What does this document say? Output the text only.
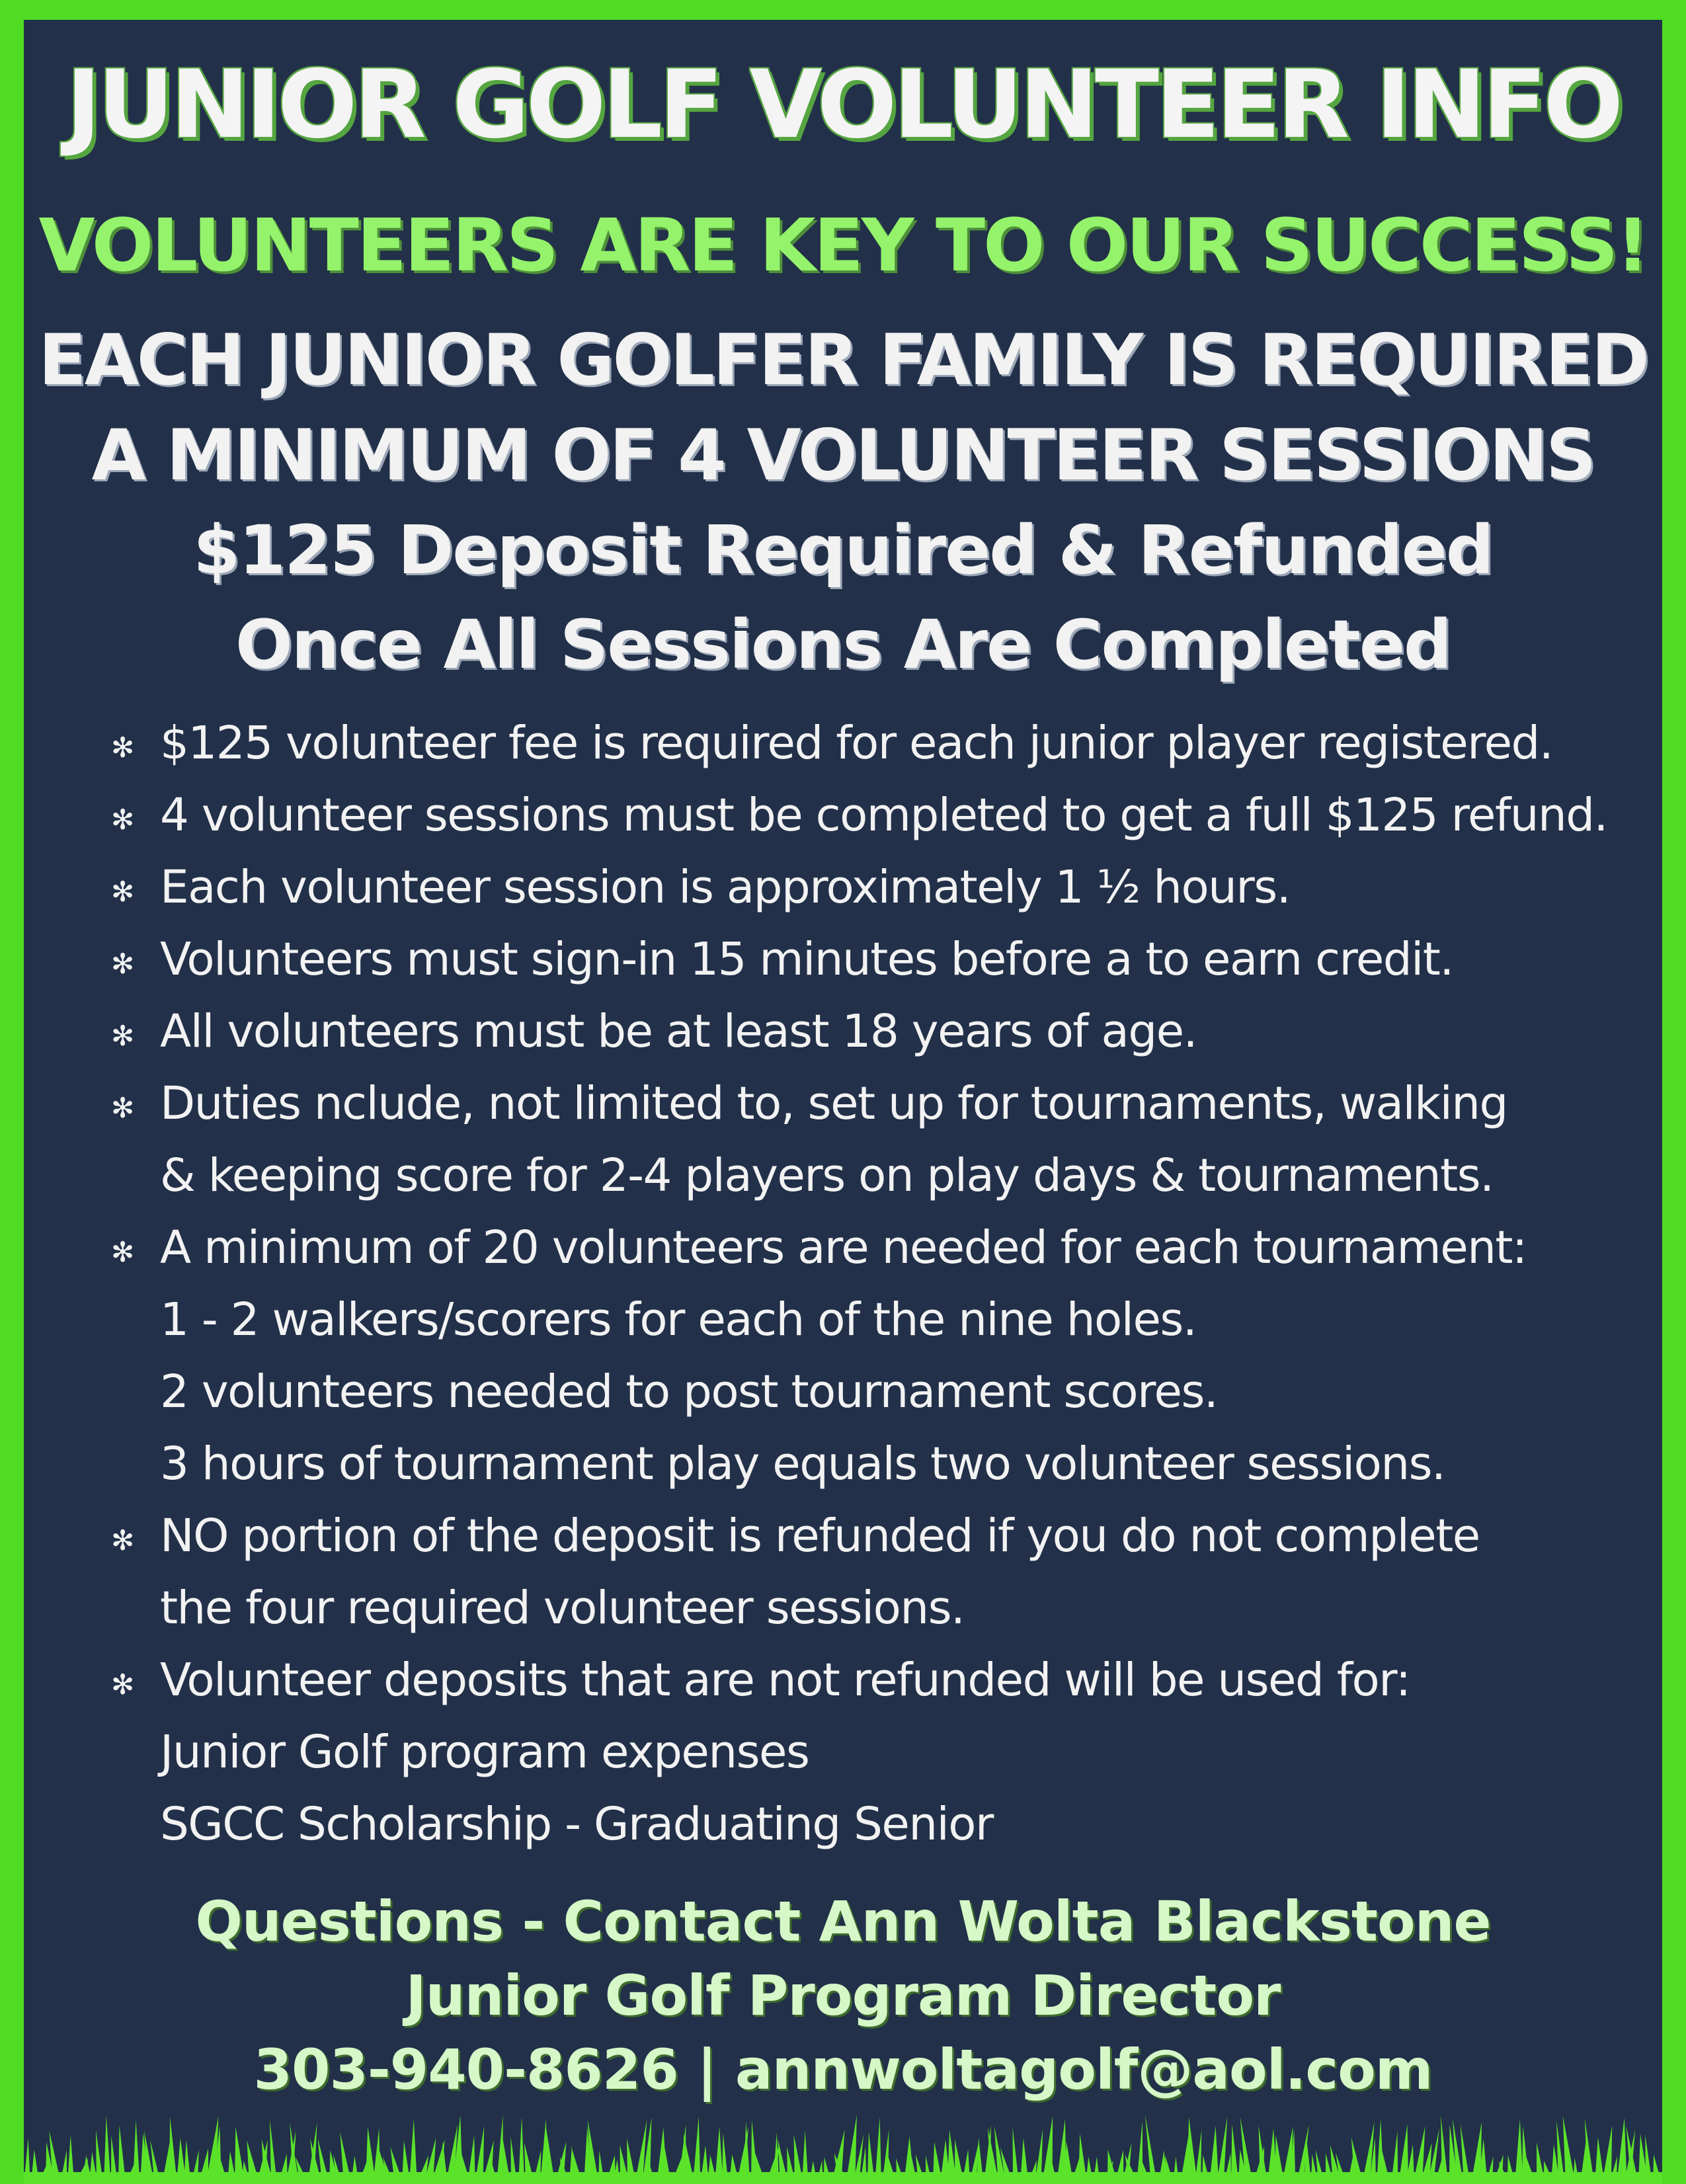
JUNIOR GOLF VOLUNTEER INFO
VOLUNTEERS ARE KEY TO OUR SUCCESS!
EACH JUNIOR GOLFER FAMILY IS REQUIRED
A MINIMUM OF 4 VOLUNTEER SESSIONS
$125 Deposit Required & Refunded
Once All Sessions Are Completed
✻ $125 volunteer fee is required for each junior player registered.
✻ 4 volunteer sessions must be completed to get a full $125 refund.
✻ Each volunteer session is approximately 1 ½ hours.
✻ Volunteers must sign-in 15 minutes before a to earn credit.
✻ All volunteers must be at least 18 years of age.
✻ Duties nclude, not limited to, set up for tournaments, walking
& keeping score for 2-4 players on play days & tournaments.
✻ A minimum of 20 volunteers are needed for each tournament:
1 - 2 walkers/scorers for each of the nine holes.
2 volunteers needed to post tournament scores.
3 hours of tournament play equals two volunteer sessions.
✻ NO portion of the deposit is refunded if you do not complete
the four required volunteer sessions.
✻ Volunteer deposits that are not refunded will be used for:
Junior Golf program expenses
SGCC Scholarship - Graduating Senior
Questions - Contact Ann Wolta Blackstone
Junior Golf Program Director
303-940-8626 | annwoltagolf@aol.com
